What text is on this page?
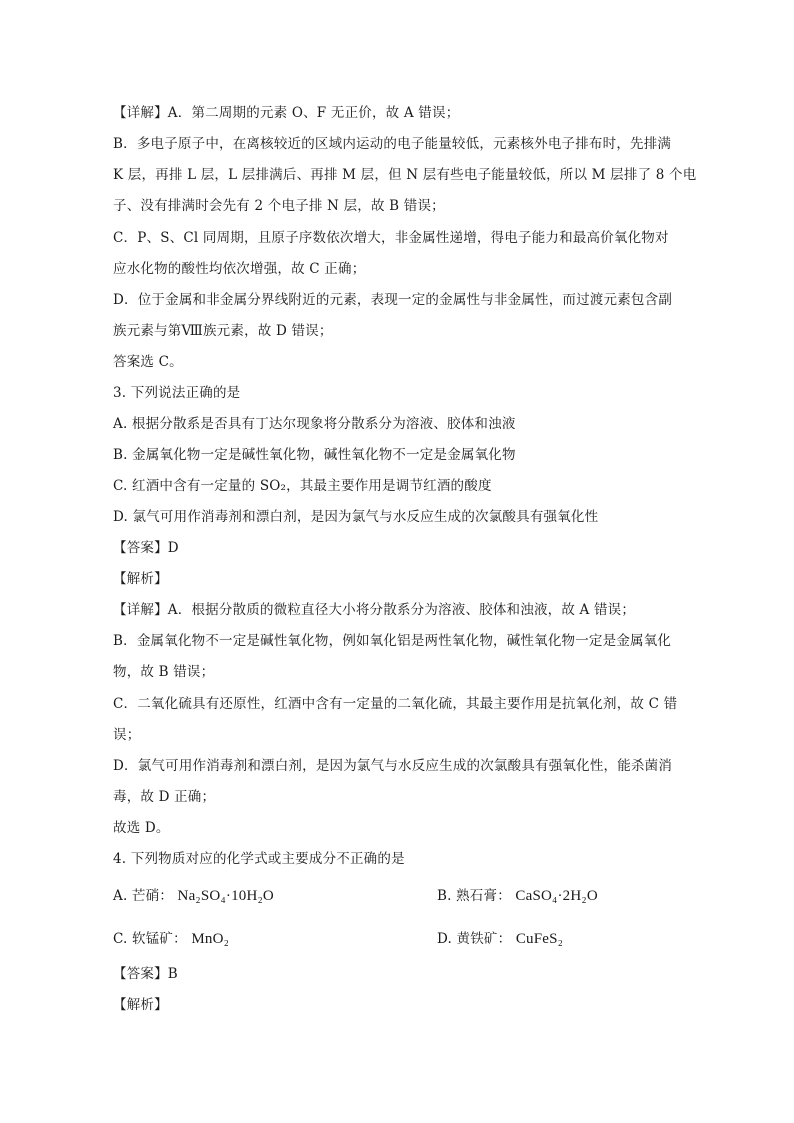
【详解】A．第二周期的元素 O、F 无正价，故 A 错误；
B．多电子原子中，在离核较近的区域内运动的电子能量较低，元素核外电子排布时，先排满
K 层，再排 L 层，L 层排满后、再排 M 层，但 N 层有些电子能量较低，所以 M 层排了 8 个电
子、没有排满时会先有 2 个电子排 N 层，故 B 错误；
C．P、S、Cl 同周期，且原子序数依次增大，非金属性递增，得电子能力和最高价氧化物对
应水化物的酸性均依次增强，故 C 正确；
D．位于金属和非金属分界线附近的元素，表现一定的金属性与非金属性，而过渡元素包含副
族元素与第Ⅷ族元素，故 D 错误；
答案选 C。
3. 下列说法正确的是
A. 根据分散系是否具有丁达尔现象将分散系分为溶液、胶体和浊液
B. 金属氧化物一定是碱性氧化物，碱性氧化物不一定是金属氧化物
C. 红酒中含有一定量的 SO₂，其最主要作用是调节红酒的酸度
D. 氯气可用作消毒剂和漂白剂，是因为氯气与水反应生成的次氯酸具有强氧化性
【答案】D
【解析】
【详解】A．根据分散质的微粒直径大小将分散系分为溶液、胶体和浊液，故 A 错误；
B．金属氧化物不一定是碱性氧化物，例如氧化铝是两性氧化物，碱性氧化物一定是金属氧化
物，故 B 错误；
C．二氧化硫具有还原性，红酒中含有一定量的二氧化硫，其最主要作用是抗氧化剂，故 C 错
误；
D．氯气可用作消毒剂和漂白剂，是因为氯气与水反应生成的次氯酸具有强氧化性，能杀菌消
毒，故 D 正确；
故选 D。
4. 下列物质对应的化学式或主要成分不正确的是
A. 芒硝： Na₂SO₄·10H₂O	B. 熟石膏： CaSO₄·2H₂O
C. 软锰矿： MnO₂	D. 黄铁矿： CuFeS₂
【答案】B
【解析】
